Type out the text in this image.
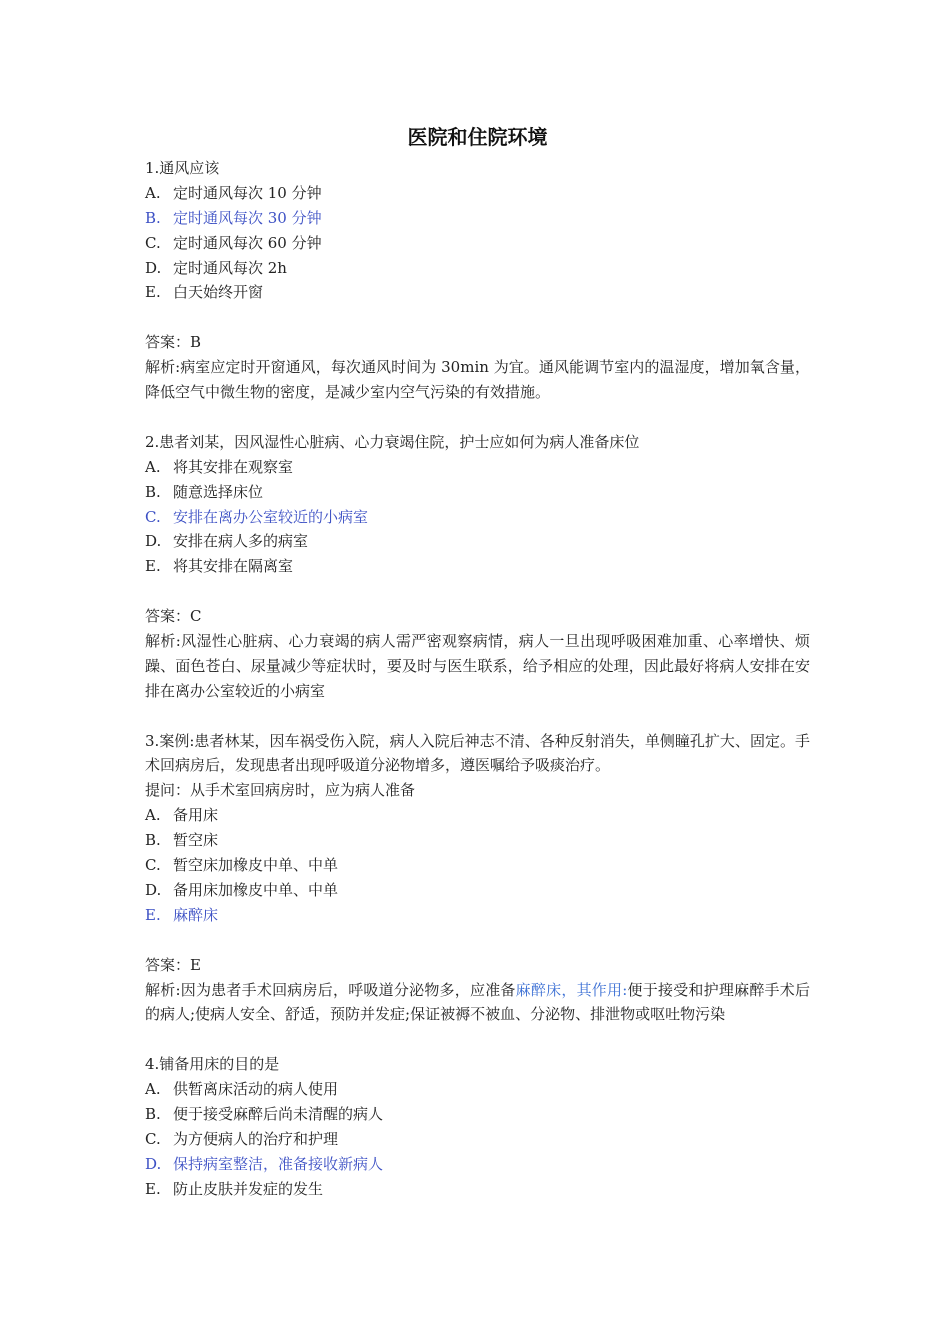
医院和住院环境
1.通风应该
A. 定时通风每次 10 分钟
B. 定时通风每次 30 分钟
C. 定时通风每次 60 分钟
D. 定时通风每次 2h
E. 白天始终开窗
答案：B
解析:病室应定时开窗通风，每次通风时间为 30min 为宜。通风能调节室内的温湿度，增加氧含量，降低空气中微生物的密度，是减少室内空气污染的有效措施。
2.患者刘某，因风湿性心脏病、心力衰竭住院，护士应如何为病人准备床位
A. 将其安排在观察室
B. 随意选择床位
C. 安排在离办公室较近的小病室
D. 安排在病人多的病室
E. 将其安排在隔离室
答案：C
解析:风湿性心脏病、心力衰竭的病人需严密观察病情，病人一旦出现呼吸困难加重、心率增快、烦躁、面色苍白、尿量减少等症状时，要及时与医生联系，给予相应的处理，因此最好将病人安排在安排在离办公室较近的小病室
3.案例:患者林某，因车祸受伤入院，病人入院后神志不清、各种反射消失，单侧瞳孔扩大、固定。手术回病房后，发现患者出现呼吸道分泌物增多，遵医嘱给予吸痰治疗。
提问：从手术室回病房时，应为病人准备
A. 备用床
B. 暂空床
C. 暂空床加橡皮中单、中单
D. 备用床加橡皮中单、中单
E. 麻醉床
答案：E
解析:因为患者手术回病房后，呼吸道分泌物多，应准备麻醉床，其作用:便于接受和护理麻醉手术后的病人;使病人安全、舒适，预防并发症;保证被褥不被血、分泌物、排泄物或呕吐物污染
4.铺备用床的目的是
A. 供暂离床活动的病人使用
B. 便于接受麻醉后尚未清醒的病人
C. 为方便病人的治疗和护理
D. 保持病室整洁，准备接收新病人
E. 防止皮肤并发症的发生
